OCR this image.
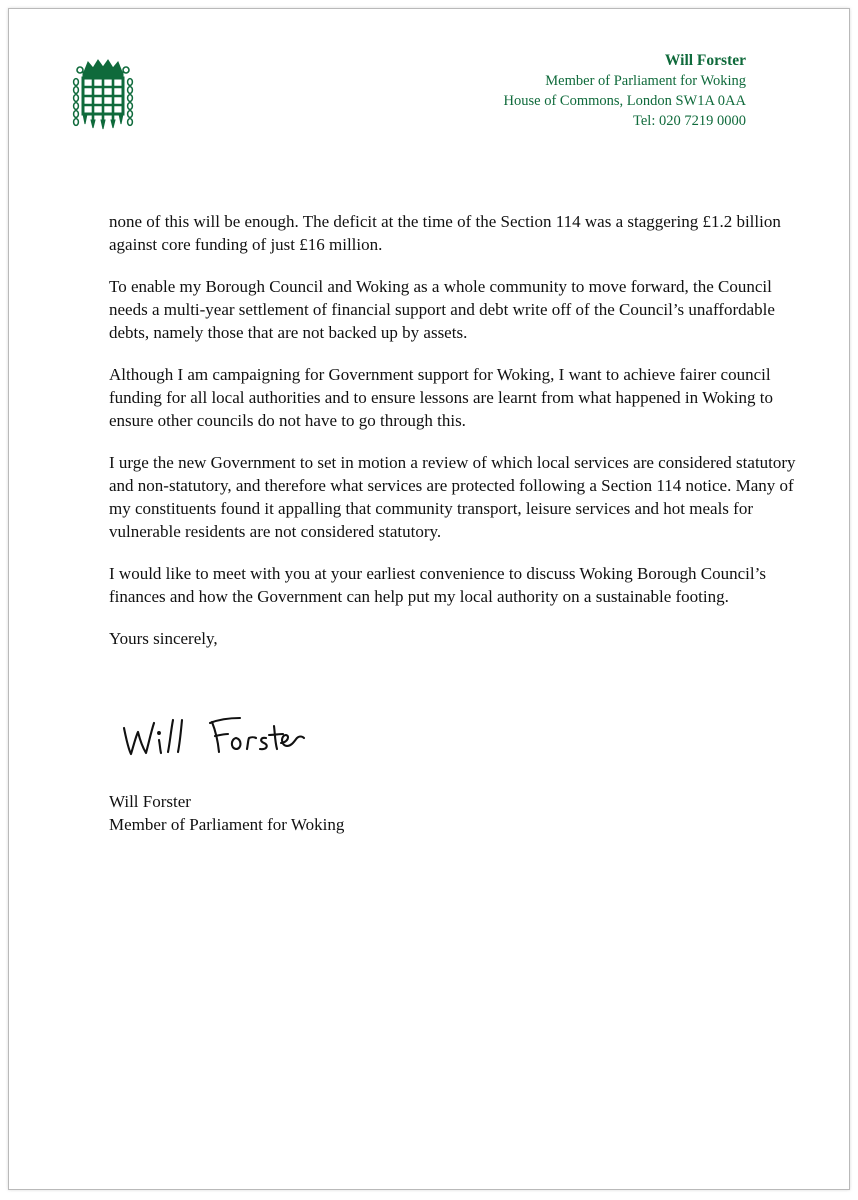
Will Forster
Member of Parliament for Woking
House of Commons, London SW1A 0AA
Tel: 020 7219 0000

none of this will be enough. The deficit at the time of the Section 114 was a staggering £1.2 billion against core funding of just £16 million.

To enable my Borough Council and Woking as a whole community to move forward, the Council needs a multi-year settlement of financial support and debt write off of the Council’s unaffordable debts, namely those that are not backed up by assets.

Although I am campaigning for Government support for Woking, I want to achieve fairer council funding for all local authorities and to ensure lessons are learnt from what happened in Woking to ensure other councils do not have to go through this.

I urge the new Government to set in motion a review of which local services are considered statutory and non-statutory, and therefore what services are protected following a Section 114 notice. Many of my constituents found it appalling that community transport, leisure services and hot meals for vulnerable residents are not considered statutory.

I would like to meet with you at your earliest convenience to discuss Woking Borough Council’s finances and how the Government can help put my local authority on a sustainable footing.

Yours sincerely,

Will Forster
Member of Parliament for Woking
